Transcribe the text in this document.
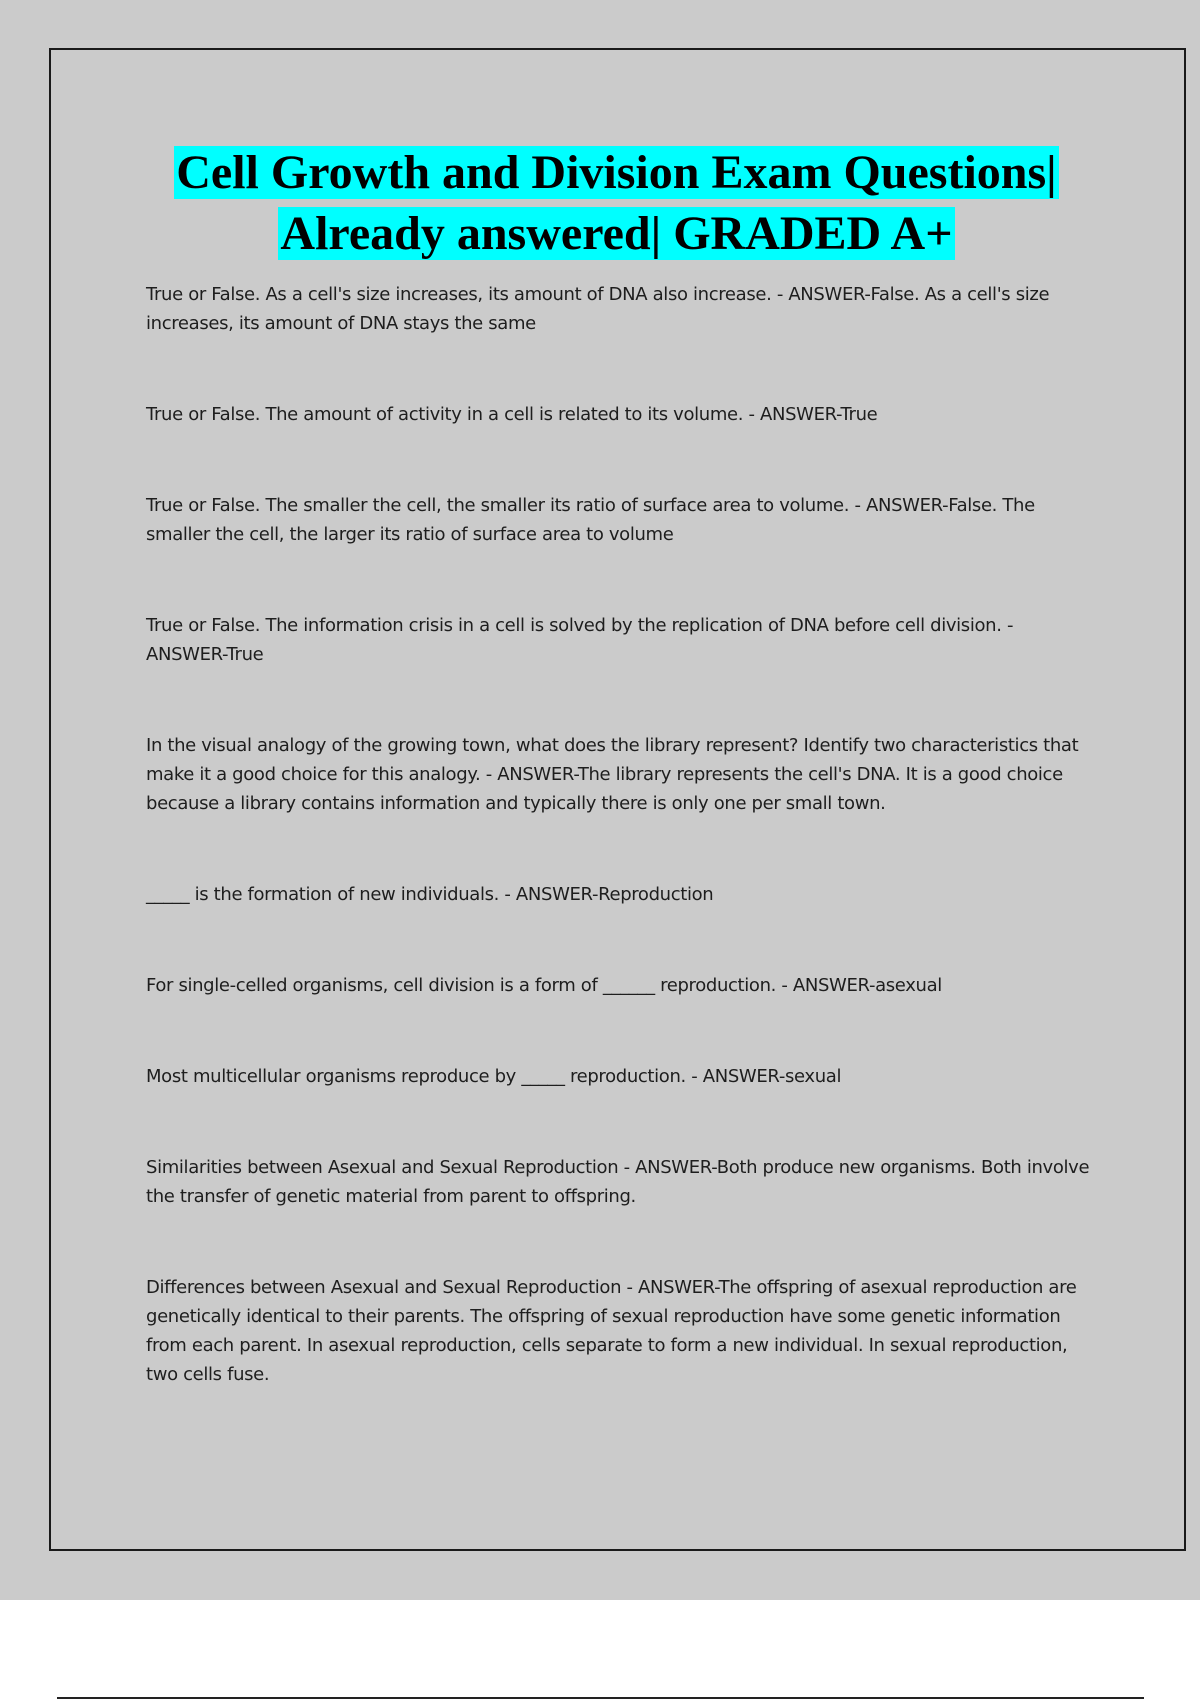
Cell Growth and Division Exam Questions|
Already answered| GRADED A+

True or False. As a cell's size increases, its amount of DNA also increase. - ANSWER-False. As a cell's size increases, its amount of DNA stays the same

True or False. The amount of activity in a cell is related to its volume. - ANSWER-True

True or False. The smaller the cell, the smaller its ratio of surface area to volume. - ANSWER-False. The smaller the cell, the larger its ratio of surface area to volume

True or False. The information crisis in a cell is solved by the replication of DNA before cell division. - ANSWER-True

In the visual analogy of the growing town, what does the library represent? Identify two characteristics that make it a good choice for this analogy. - ANSWER-The library represents the cell's DNA. It is a good choice because a library contains information and typically there is only one per small town.

_____ is the formation of new individuals. - ANSWER-Reproduction

For single-celled organisms, cell division is a form of ______ reproduction. - ANSWER-asexual

Most multicellular organisms reproduce by _____ reproduction. - ANSWER-sexual

Similarities between Asexual and Sexual Reproduction - ANSWER-Both produce new organisms. Both involve the transfer of genetic material from parent to offspring.

Differences between Asexual and Sexual Reproduction - ANSWER-The offspring of asexual reproduction are genetically identical to their parents. The offspring of sexual reproduction have some genetic information from each parent. In asexual reproduction, cells separate to form a new individual. In sexual reproduction, two cells fuse.
